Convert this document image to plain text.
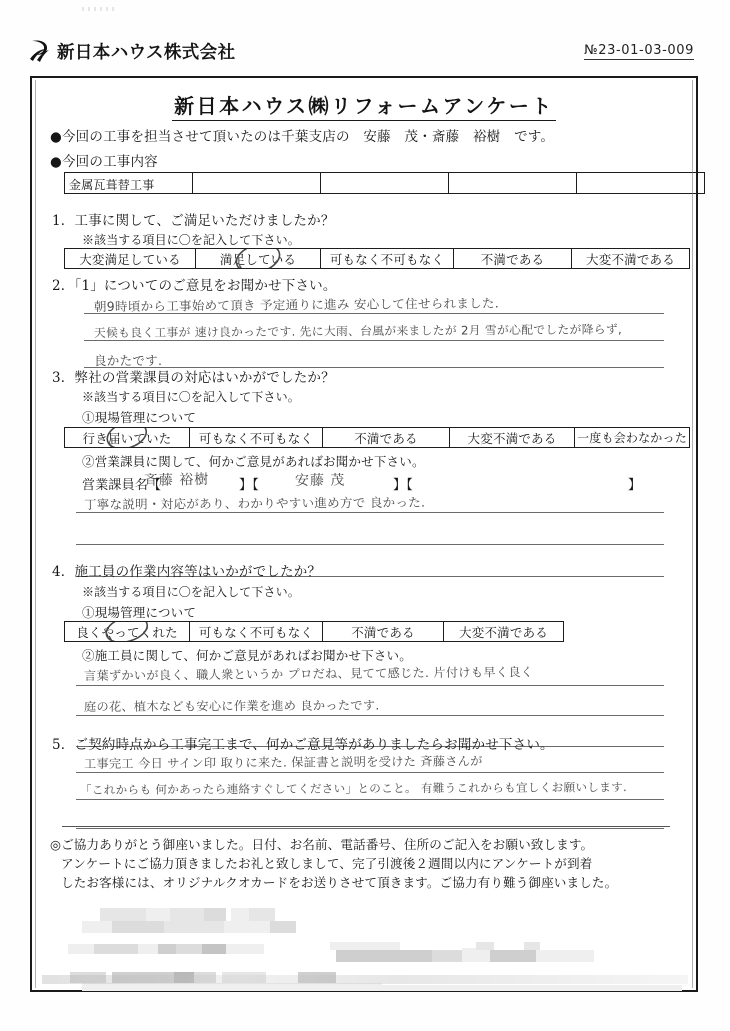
新日本ハウス株式会社	№23-01-03-009
新日本ハウス㈱リフォームアンケート
●今回の工事を担当させて頂いたのは千葉支店の　安藤　茂・斎藤　裕樹　です。
●今回の工事内容
金属瓦葺替工事				
1．工事に関して、ご満足いただけましたか？
※該当する項目に〇を記入して下さい。
大変満足している	満足している	可もなく不可もなく	不満である	大変不満である
2．「1」についてのご意見をお聞かせ下さい。
朝9時頃から工事始めて頂き 予定通りに進み 安心して住せられました.
天候も良く工事が 速け良かったです. 先に大雨、台風が来ましたが 2月 雪が心配でしたが降らず,
良かたです.
3．弊社の営業課員の対応はいかがでしたか？
※該当する項目に〇を記入して下さい。
①現場管理について
行き届いていた	可もなく不可もなく	不満である	大変不満である	一度も会わなかった
②営業課員に関して、何かご意見があればお聞かせ下さい。
営業課員名【	】【	】【	】
斉藤 裕樹	安藤 茂
丁寧な説明・対応があり、わかりやすい進め方で 良かった.
4．施工員の作業内容等はいかがでしたか？
※該当する項目に〇を記入して下さい。
①現場管理について
良くやってくれた	可もなく不可もなく	不満である	大変不満である
②施工員に関して、何かご意見があればお聞かせ下さい。
言葉ずかいが良く、職人衆というか プロだね、見てて感じた. 片付けも早く良く
庭の花、植木なども安心に作業を進め 良かったです.
5．ご契約時点から工事完工まで、何かご意見等がありましたらお聞かせ下さい。
工事完工 今日 サイン印 取りに来た. 保証書と説明を受けた 斉藤さんが
「これからも 何かあったら連絡すぐしてください」とのこと。 有難うこれからも宜しくお願いします.
◎ご協力ありがとう御座いました。日付、お名前、電話番号、住所のご記入をお願い致します。
アンケートにご協力頂きましたお礼と致しまして、完了引渡後２週間以内にアンケートが到着
したお客様には、オリジナルクオカードをお送りさせて頂きます。ご協力有り難う御座いました。
